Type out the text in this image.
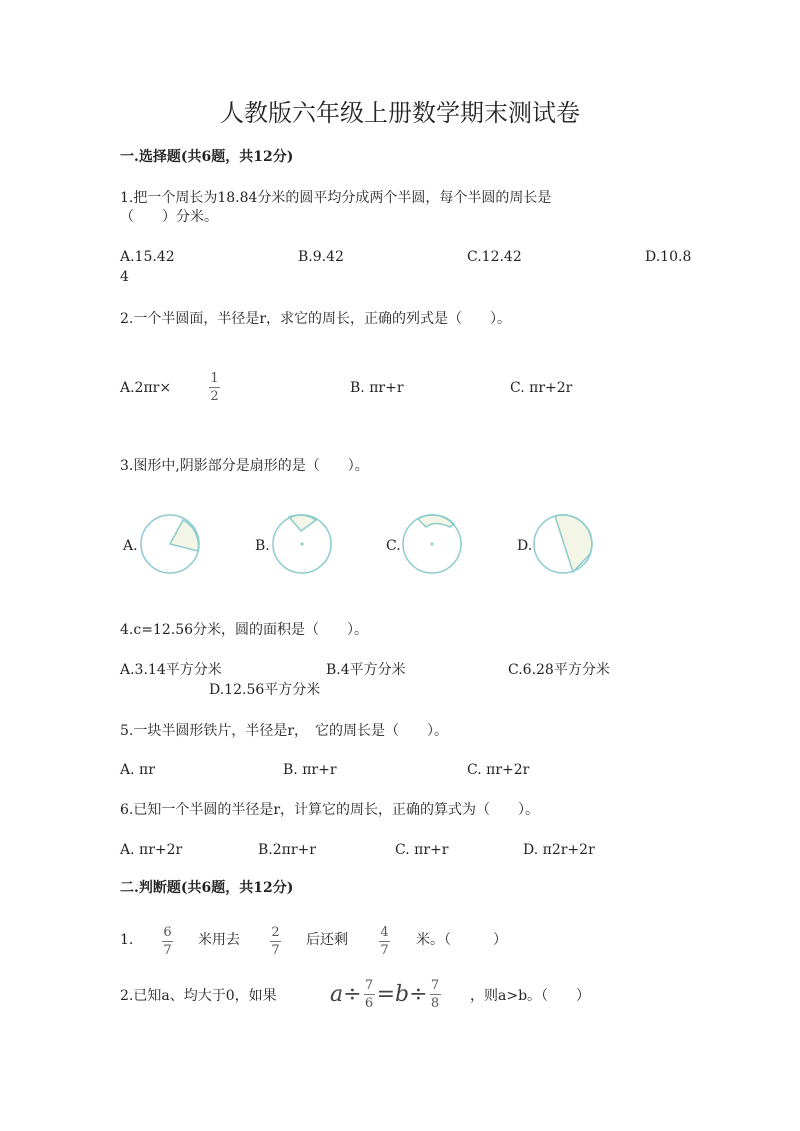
人教版六年级上册数学期末测试卷
一.选择题(共6题，共12分)
1.把一个周长为18.84分米的圆平均分成两个半圆，每个半圆的周长是
（　　）分米。
A.15.42	B.9.42	C.12.42	D.10.8
4
2.一个半圆面，半径是r，求它的周长，正确的列式是（　　）。
A.2πr×
1
2
B. πr+r	C. πr+2r
3.图形中,阴影部分是扇形的是（　　）。
A.	B.	C.	D.
4.c=12.56分米，圆的面积是（　　）。
A.3.14平方分米	B.4平方分米	C.6.28平方分米
D.12.56平方分米
5.一块半圆形铁片，半径是r，　它的周长是（　　）。
A. πr	B. πr+r	C. πr+2r
6.已知一个半圆的半径是r，计算它的周长，正确的算式为（　　）。
A. πr+2r	B.2πr+r	C. πr+r	D. π2r+2r
二.判断题(共6题，共12分)
1. 6
7
米用去 2
7
后还剩 4
7
米。（　　　）
2.已知a、均大于0，如果 $a\div \frac{7}{6} =b\div \frac{7}{8}$ ，则a>b。（　　）
